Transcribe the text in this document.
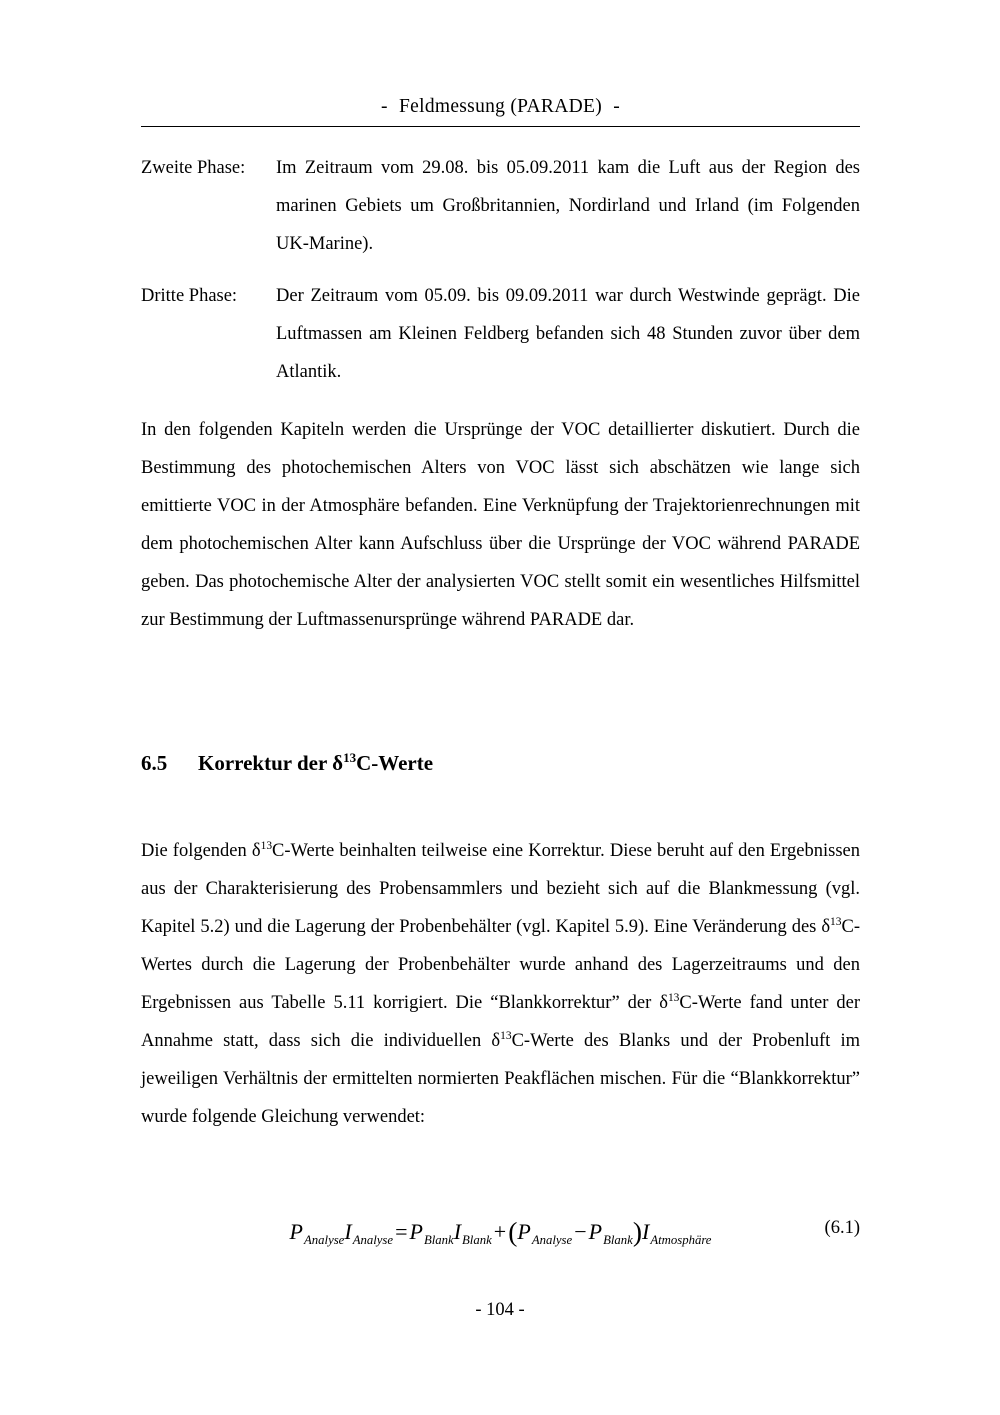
- Feldmessung (PARADE) -
Zweite Phase:	Im Zeitraum vom 29.08. bis 05.09.2011 kam die Luft aus der Region des marinen Gebiets um Großbritannien, Nordirland und Irland (im Folgenden UK-Marine).
Dritte Phase:	Der Zeitraum vom 05.09. bis 09.09.2011 war durch Westwinde geprägt. Die Luftmassen am Kleinen Feldberg befanden sich 48 Stunden zuvor über dem Atlantik.

In den folgenden Kapiteln werden die Ursprünge der VOC detaillierter diskutiert. Durch die Bestimmung des photochemischen Alters von VOC lässt sich abschätzen wie lange sich emittierte VOC in der Atmosphäre befanden. Eine Verknüpfung der Trajektorienrechnungen mit dem photochemischen Alter kann Aufschluss über die Ursprünge der VOC während PARADE geben. Das photochemische Alter der analysierten VOC stellt somit ein wesentliches Hilfsmittel zur Bestimmung der Luftmassenursprünge während PARADE dar.

6.5	Korrektur der $\delta^{13}C$-Werte

Die folgenden $\delta^{13}C$-Werte beinhalten teilweise eine Korrektur. Diese beruht auf den Ergebnissen aus der Charakterisierung des Probensammlers und bezieht sich auf die Blankmessung (vgl. Kapitel 5.2) und die Lagerung der Probenbehälter (vgl. Kapitel 5.9). Eine Veränderung des $\delta^{13}C$-Wertes durch die Lagerung der Probenbehälter wurde anhand des Lagerzeitraums und den Ergebnissen aus Tabelle 5.11 korrigiert. Die “Blankkorrektur” der $\delta^{13}C$-Werte fand unter der Annahme statt, dass sich die individuellen $\delta^{13}C$-Werte des Blanks und der Probenluft im jeweiligen Verhältnis der ermittelten normierten Peakflächen mischen. Für die “Blankkorrektur” wurde folgende Gleichung verwendet:

$P_{Analyse}I_{Analyse}=P_{Blank}I_{Blank}+(P_{Analyse}-P_{Blank})I_{Atmosphäre}$
(6.1)
- 104 -
